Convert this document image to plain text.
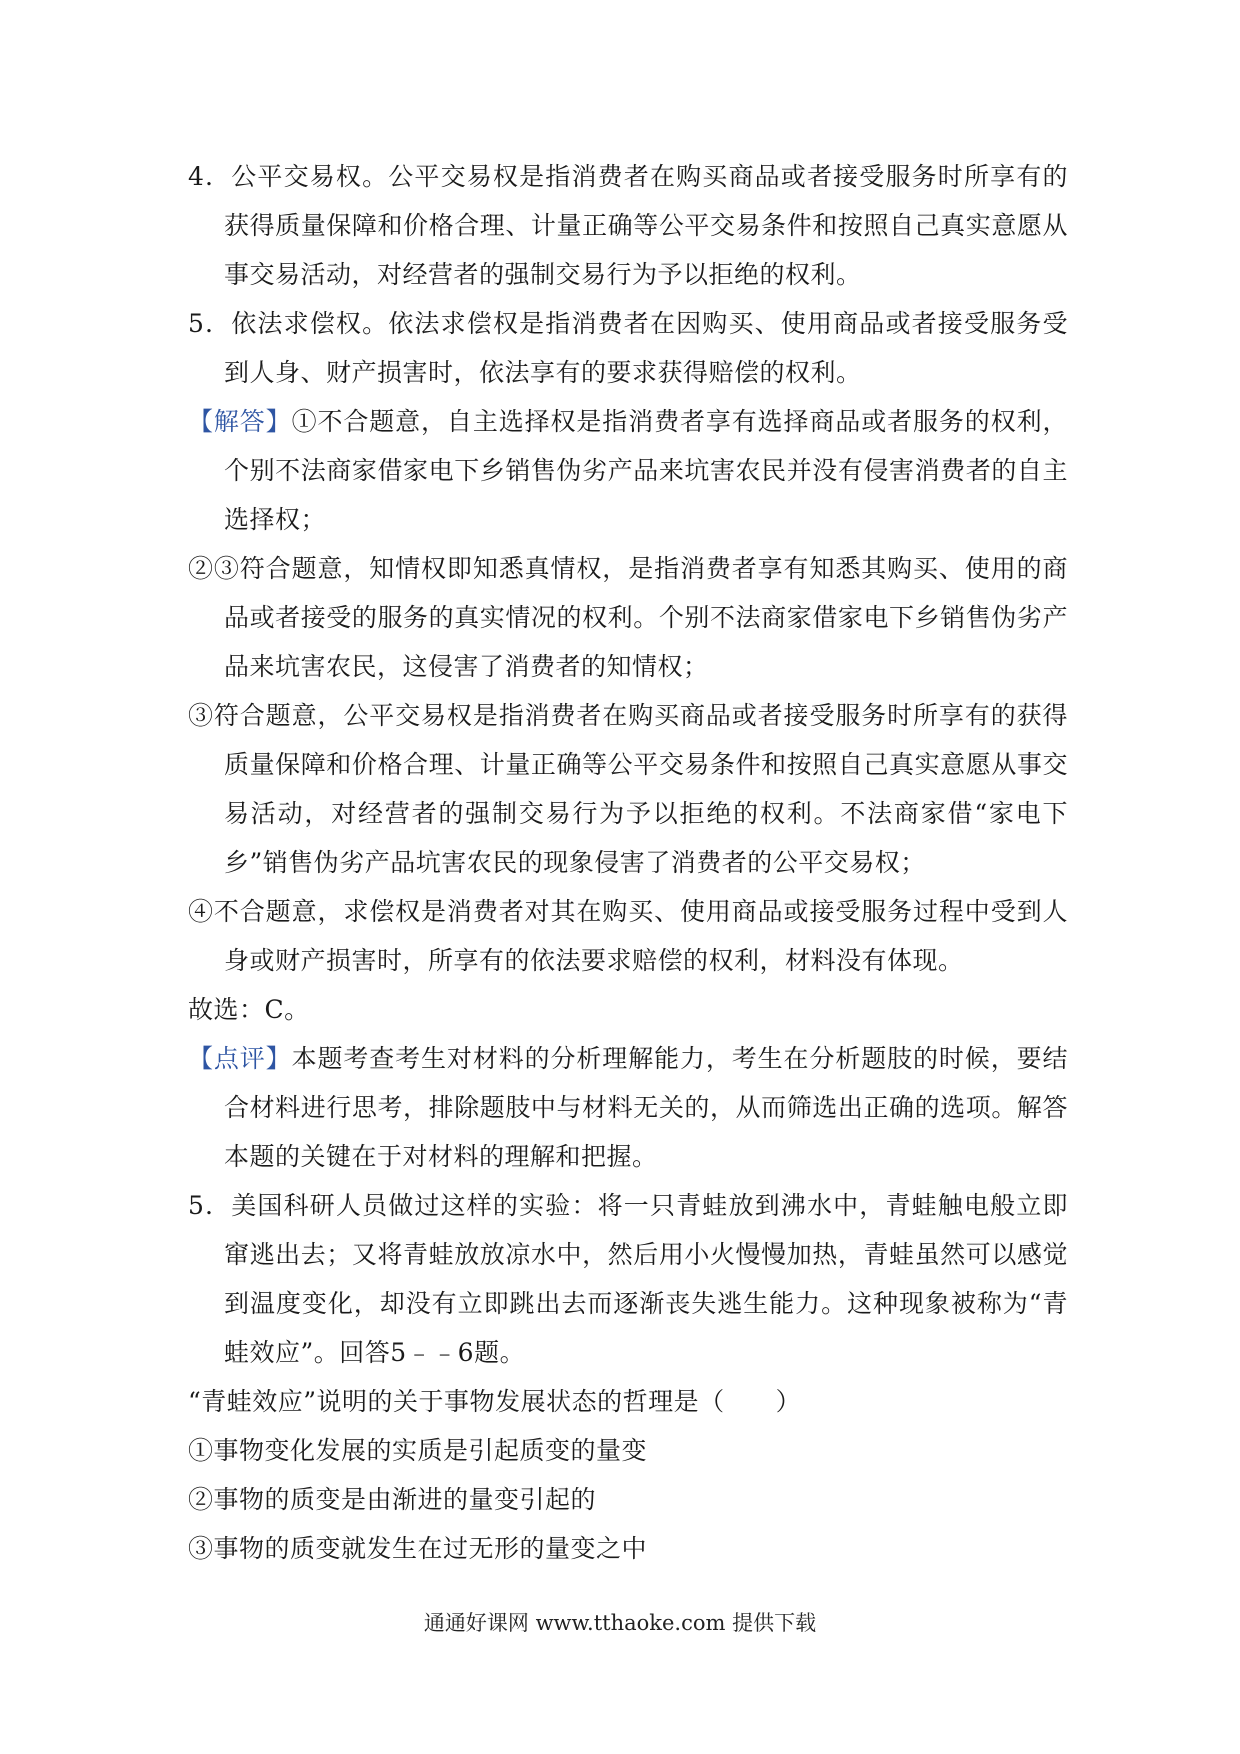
4．公平交易权。公平交易权是指消费者在购买商品或者接受服务时所享有的获得质量保障和价格合理、计量正确等公平交易条件和按照自己真实意愿从事交易活动，对经营者的强制交易行为予以拒绝的权利。

5．依法求偿权。依法求偿权是指消费者在因购买、使用商品或者接受服务受到人身、财产损害时，依法享有的要求获得赔偿的权利。

【解答】①不合题意，自主选择权是指消费者享有选择商品或者服务的权利，个别不法商家借家电下乡销售伪劣产品来坑害农民并没有侵害消费者的自主选择权；

②③符合题意，知情权即知悉真情权，是指消费者享有知悉其购买、使用的商品或者接受的服务的真实情况的权利。个别不法商家借家电下乡销售伪劣产品来坑害农民，这侵害了消费者的知情权；

③符合题意，公平交易权是指消费者在购买商品或者接受服务时所享有的获得质量保障和价格合理、计量正确等公平交易条件和按照自己真实意愿从事交易活动，对经营者的强制交易行为予以拒绝的权利。不法商家借“家电下乡”销售伪劣产品坑害农民的现象侵害了消费者的公平交易权；

④不合题意，求偿权是消费者对其在购买、使用商品或接受服务过程中受到人身或财产损害时，所享有的依法要求赔偿的权利，材料没有体现。

故选：C。

【点评】本题考查考生对材料的分析理解能力，考生在分析题肢的时候，要结合材料进行思考，排除题肢中与材料无关的，从而筛选出正确的选项。解答本题的关键在于对材料的理解和把握。

5．美国科研人员做过这样的实验：将一只青蛙放到沸水中，青蛙触电般立即窜逃出去；又将青蛙放放凉水中，然后用小火慢慢加热，青蛙虽然可以感觉到温度变化，却没有立即跳出去而逐渐丧失逃生能力。这种现象被称为“青蛙效应”。回答5﹣﹣6题。

“青蛙效应”说明的关于事物发展状态的哲理是（　　）

①事物变化发展的实质是引起质变的量变

②事物的质变是由渐进的量变引起的

③事物的质变就发生在过无形的量变之中

通通好课网 www.tthaoke.com 提供下载
